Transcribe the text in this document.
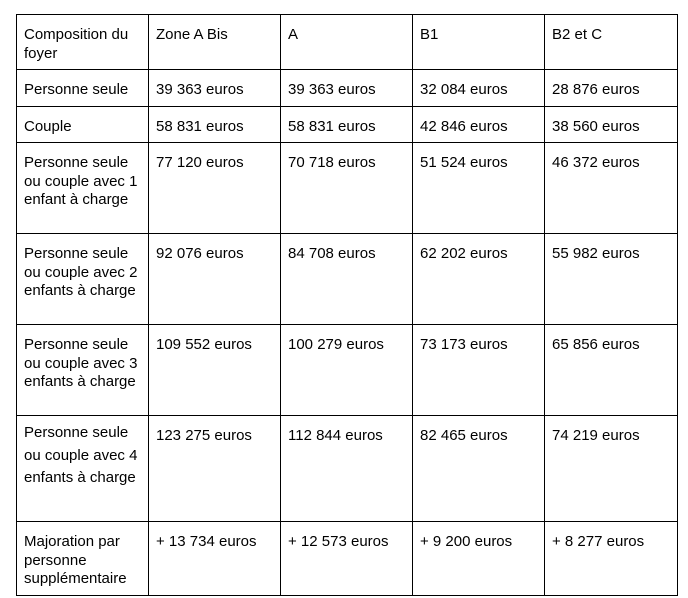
Composition du foyer	Zone A Bis	A	B1	B2 et C
Personne seule	39 363 euros	39 363 euros	32 084 euros	28 876 euros
Couple	58 831 euros	58 831 euros	42 846 euros	38 560 euros
Personne seule ou couple avec 1 enfant à charge	77 120 euros	70 718 euros	51 524 euros	46 372 euros
Personne seule ou couple avec 2 enfants à charge	92 076 euros	84 708 euros	62 202 euros	55 982 euros
Personne seule ou couple avec 3 enfants à charge	109 552 euros	100 279 euros	73 173 euros	65 856 euros
Personne seule ou couple avec 4 enfants à charge	123 275 euros	112 844 euros	82 465 euros	74 219 euros
Majoration par personne supplémentaire	+ 13 734 euros	+ 12 573 euros	+ 9 200 euros	+ 8 277 euros
